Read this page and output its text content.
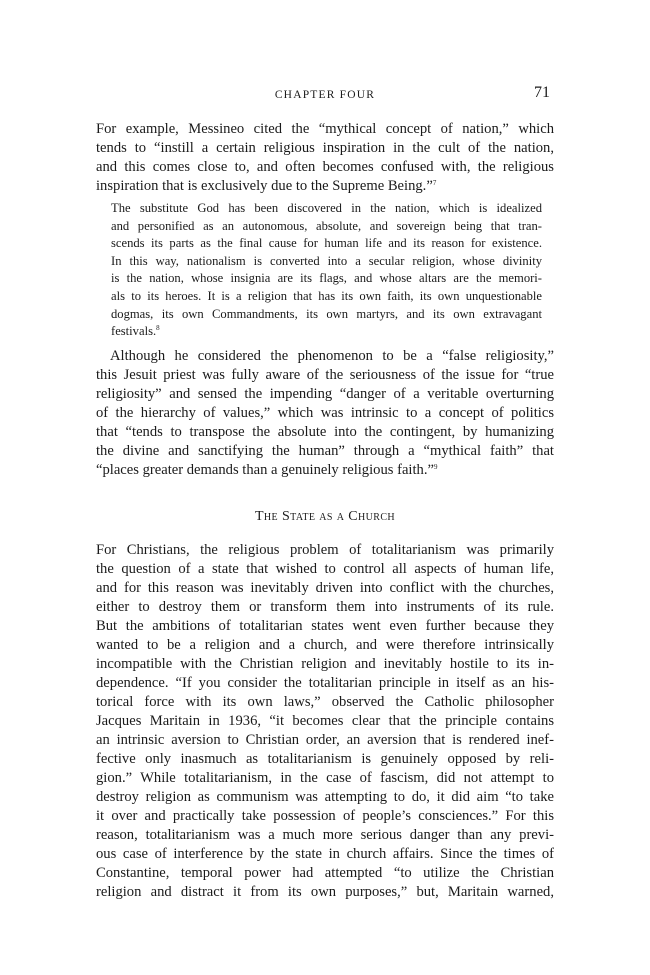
CHAPTER FOUR	71

For example, Messineo cited the “mythical concept of nation,” which
tends to “instill a certain religious inspiration in the cult of the nation,
and this comes close to, and often becomes confused with, the religious
inspiration that is exclusively due to the Supreme Being.”$^7$

The substitute God has been discovered in the nation, which is idealized
and personified as an autonomous, absolute, and sovereign being that tran-
scends its parts as the final cause for human life and its reason for existence.
In this way, nationalism is converted into a secular religion, whose divinity
is the nation, whose insignia are its flags, and whose altars are the memori-
als to its heroes. It is a religion that has its own faith, its own unquestionable
dogmas, its own Commandments, its own martyrs, and its own extravagant
festivals.$^8$

Although he considered the phenomenon to be a “false religiosity,”
this Jesuit priest was fully aware of the seriousness of the issue for “true
religiosity” and sensed the impending “danger of a veritable overturning
of the hierarchy of values,” which was intrinsic to a concept of politics
that “tends to transpose the absolute into the contingent, by humanizing
the divine and sanctifying the human” through a “mythical faith” that
“places greater demands than a genuinely religious faith.”$^9$

The State as a Church

For Christians, the religious problem of totalitarianism was primarily
the question of a state that wished to control all aspects of human life,
and for this reason was inevitably driven into conflict with the churches,
either to destroy them or transform them into instruments of its rule.
But the ambitions of totalitarian states went even further because they
wanted to be a religion and a church, and were therefore intrinsically
incompatible with the Christian religion and inevitably hostile to its in-
dependence. “If you consider the totalitarian principle in itself as an his-
torical force with its own laws,” observed the Catholic philosopher
Jacques Maritain in 1936, “it becomes clear that the principle contains
an intrinsic aversion to Christian order, an aversion that is rendered inef-
fective only inasmuch as totalitarianism is genuinely opposed by reli-
gion.” While totalitarianism, in the case of fascism, did not attempt to
destroy religion as communism was attempting to do, it did aim “to take
it over and practically take possession of people’s consciences.” For this
reason, totalitarianism was a much more serious danger than any previ-
ous case of interference by the state in church affairs. Since the times of
Constantine, temporal power had attempted “to utilize the Christian
religion and distract it from its own purposes,” but, Maritain warned,
